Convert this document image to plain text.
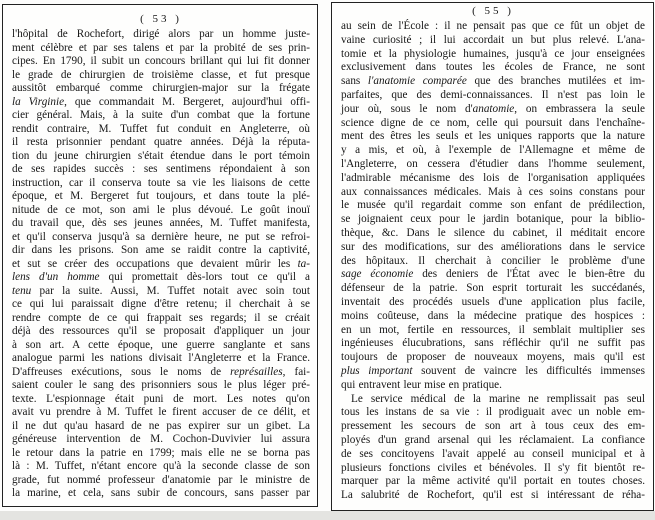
( 53 )
l'hôpital de Rochefort, dirigé alors par un homme juste-
ment célèbre et par ses talens et par la probité de ses prin-
cipes. En 1790, il subit un concours brillant qui lui fit donner
le grade de chirurgien de troisième classe, et fut presque
aussitôt embarqué comme chirurgien-major sur la frégate
la Virginie, que commandait M. Bergeret, aujourd'hui offi-
cier général. Mais, à la suite d'un combat que la fortune
rendit contraire, M. Tuffet fut conduit en Angleterre, où
il resta prisonnier pendant quatre années. Déjà la réputa-
tion du jeune chirurgien s'était étendue dans le port témoin
de ses rapides succès : ses sentimens répondaient à son
instruction, car il conserva toute sa vie les liaisons de cette
époque, et M. Bergeret fut toujours, et dans toute la plé-
nitude de ce mot, son ami le plus dévoué. Le goût inouï
du travail que, dès ses jeunes années, M. Tuffet manifesta,
et qu'il conserva jusqu'à sa dernière heure, ne put se refroi-
dir dans les prisons. Son ame se raidit contre la captivité,
et sut se créer des occupations que devaient mûrir les ta-
lens d'un homme qui promettait dès-lors tout ce qu'il a
tenu par la suite. Aussi, M. Tuffet notait avec soin tout
ce qui lui paraissait digne d'être retenu; il cherchait à se
rendre compte de ce qui frappait ses regards; il se créait
déjà des ressources qu'il se proposait d'appliquer un jour
à son art. A cette époque, une guerre sanglante et sans
analogue parmi les nations divisait l'Angleterre et la France.
D'affreuses exécutions, sous le noms de représailles, fai-
saient couler le sang des prisonniers sous le plus léger pré-
texte. L'espionnage était puni de mort. Les notes qu'on
avait vu prendre à M. Tuffet le firent accuser de ce délit, et
il ne dut qu'au hasard de ne pas expirer sur un gibet. La
généreuse intervention de M. Cochon-Duvivier lui assura
le retour dans la patrie en 1799; mais elle ne se borna pas
là : M. Tuffet, n'étant encore qu'à la seconde classe de son
grade, fut nommé professeur d'anatomie par le ministre de
la marine, et cela, sans subir de concours, sans passer par
( 55 )
au sein de l'École : il ne pensait pas que ce fût un objet de
vaine curiosité ; il lui accordait un but plus relevé. L'ana-
tomie et la physiologie humaines, jusqu'à ce jour enseignées
exclusivement dans toutes les écoles de France, ne sont
sans l'anatomie comparée que des branches mutilées et im-
parfaites, que des demi-connaissances. Il n'est pas loin le
jour où, sous le nom d'anatomie, on embrassera la seule
science digne de ce nom, celle qui poursuit dans l'enchaîne-
ment des êtres les seuls et les uniques rapports que la nature
y a mis, et où, à l'exemple de l'Allemagne et même de
l'Angleterre, on cessera d'étudier dans l'homme seulement,
l'admirable mécanisme des lois de l'organisation appliquées
aux connaissances médicales. Mais à ces soins constans pour
le musée qu'il regardait comme son enfant de prédilection,
se joignaient ceux pour le jardin botanique, pour la biblio-
thèque, &c. Dans le silence du cabinet, il méditait encore
sur des modifications, sur des améliorations dans le service
des hôpitaux. Il cherchait à concilier le problème d'une
sage économie des deniers de l'État avec le bien-être du
défenseur de la patrie. Son esprit torturait les succédanés,
inventait des procédés usuels d'une application plus facile,
moins coûteuse, dans la médecine pratique des hospices :
en un mot, fertile en ressources, il semblait multiplier ses
ingénieuses élucubrations, sans réfléchir qu'il ne suffit pas
toujours de proposer de nouveaux moyens, mais qu'il est
plus important souvent de vaincre les difficultés immenses
qui entravent leur mise en pratique.
Le service médical de la marine ne remplissait pas seul
tous les instans de sa vie : il prodiguait avec un noble em-
pressement les secours de son art à tous ceux des em-
ployés d'un grand arsenal qui les réclamaient. La confiance
de ses concitoyens l'avait appelé au conseil municipal et à
plusieurs fonctions civiles et bénévoles. Il s'y fit bientôt re-
marquer par la même activité qu'il portait en toutes choses.
La salubrité de Rochefort, qu'il est si intéressant de réha-
